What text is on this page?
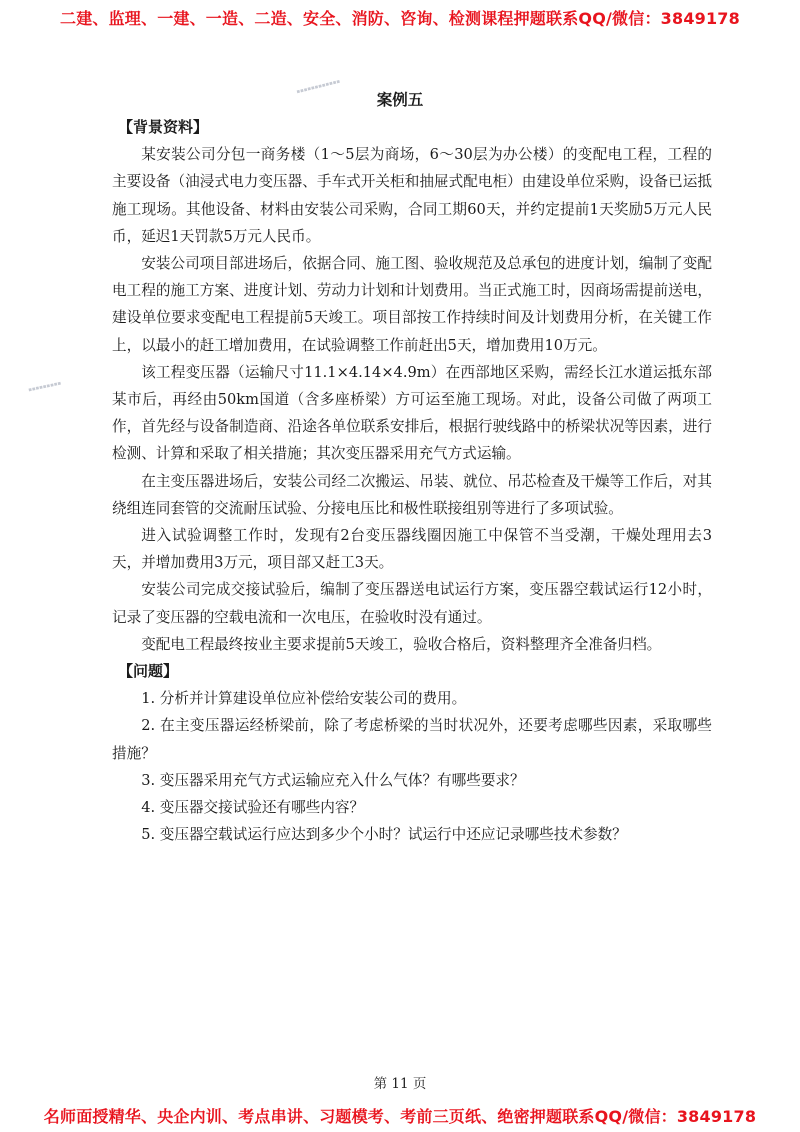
二建、监理、一建、一造、二造、安全、消防、咨询、检测课程押题联系QQ/微信：3849178
▪▪▪▪▪▪▪▪▪▪▪▪
▪▪▪▪▪▪▪▪▪
案例五
【背景资料】

某安装公司分包一商务楼（1～5层为商场，6～30层为办公楼）的变配电工程，工程的主要设备（油浸式电力变压器、手车式开关柜和抽屉式配电柜）由建设单位采购，设备已运抵施工现场。其他设备、材料由安装公司采购，合同工期60天，并约定提前1天奖励5万元人民币，延迟1天罚款5万元人民币。

安装公司项目部进场后，依据合同、施工图、验收规范及总承包的进度计划，编制了变配电工程的施工方案、进度计划、劳动力计划和计划费用。当正式施工时，因商场需提前送电，建设单位要求变配电工程提前5天竣工。项目部按工作持续时间及计划费用分析，在关键工作上，以最小的赶工增加费用，在试验调整工作前赶出5天，增加费用10万元。

该工程变压器（运输尺寸11.1×4.14×4.9m）在西部地区采购，需经长江水道运抵东部某市后，再经由50km国道（含多座桥梁）方可运至施工现场。对此，设备公司做了两项工作，首先经与设备制造商、沿途各单位联系安排后，根据行驶线路中的桥梁状况等因素，进行检测、计算和采取了相关措施；其次变压器采用充气方式运输。

在主变压器进场后，安装公司经二次搬运、吊装、就位、吊芯检查及干燥等工作后，对其绕组连同套管的交流耐压试验、分接电压比和极性联接组别等进行了多项试验。

进入试验调整工作时，发现有2台变压器线圈因施工中保管不当受潮，干燥处理用去3天，并增加费用3万元，项目部又赶工3天。

安装公司完成交接试验后，编制了变压器送电试运行方案，变压器空载试运行12小时，记录了变压器的空载电流和一次电压，在验收时没有通过。

变配电工程最终按业主要求提前5天竣工，验收合格后，资料整理齐全准备归档。

【问题】

1. 分析并计算建设单位应补偿给安装公司的费用。

2. 在主变压器运经桥梁前，除了考虑桥梁的当时状况外，还要考虑哪些因素，采取哪些措施？

3. 变压器采用充气方式运输应充入什么气体？有哪些要求？

4. 变压器交接试验还有哪些内容？

5. 变压器空载试运行应达到多少个小时？试运行中还应记录哪些技术参数？

第 11 页
名师面授精华、央企内训、考点串讲、习题模考、考前三页纸、绝密押题联系QQ/微信：3849178
